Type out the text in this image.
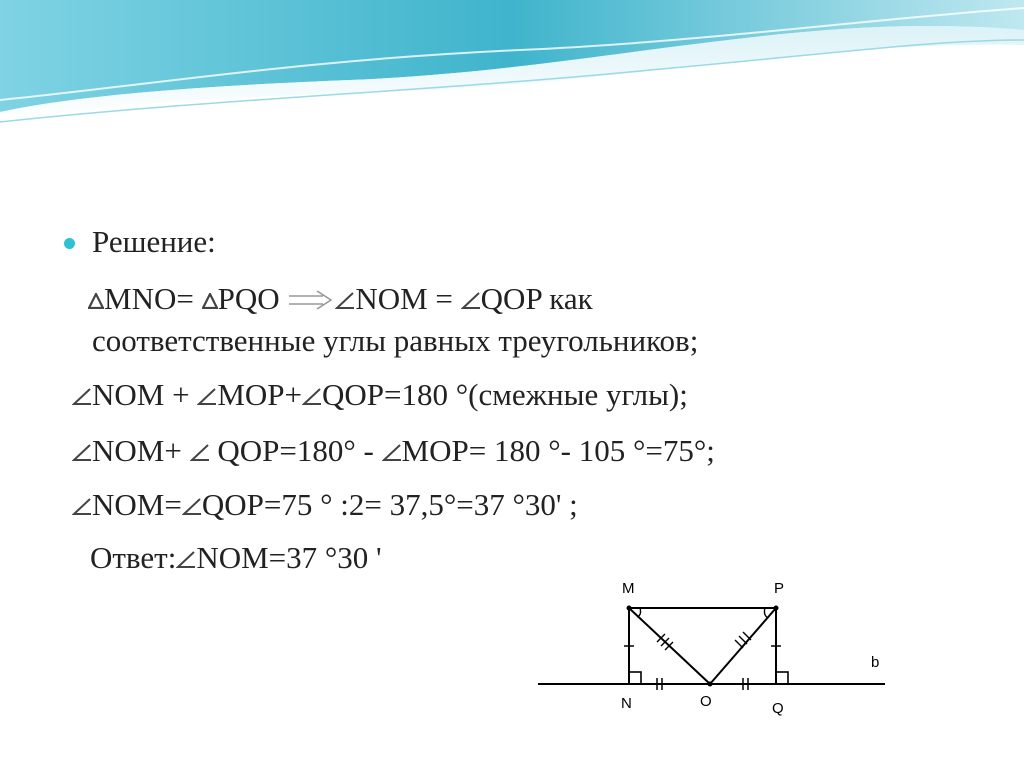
Решение:
MNO= PQO NOM = QOP как
соответственные углы равных треугольников;
NOM + MOP+ QOP=180 °(смежные углы);
NOM+  QOP=180° - MOP= 180 °- 105 °=75°;
NOM= QOP=75 ° :2= 37,5°=37 °30' ;
Ответ: NOM=37 °30 '
M	P
N	O	Q
b
